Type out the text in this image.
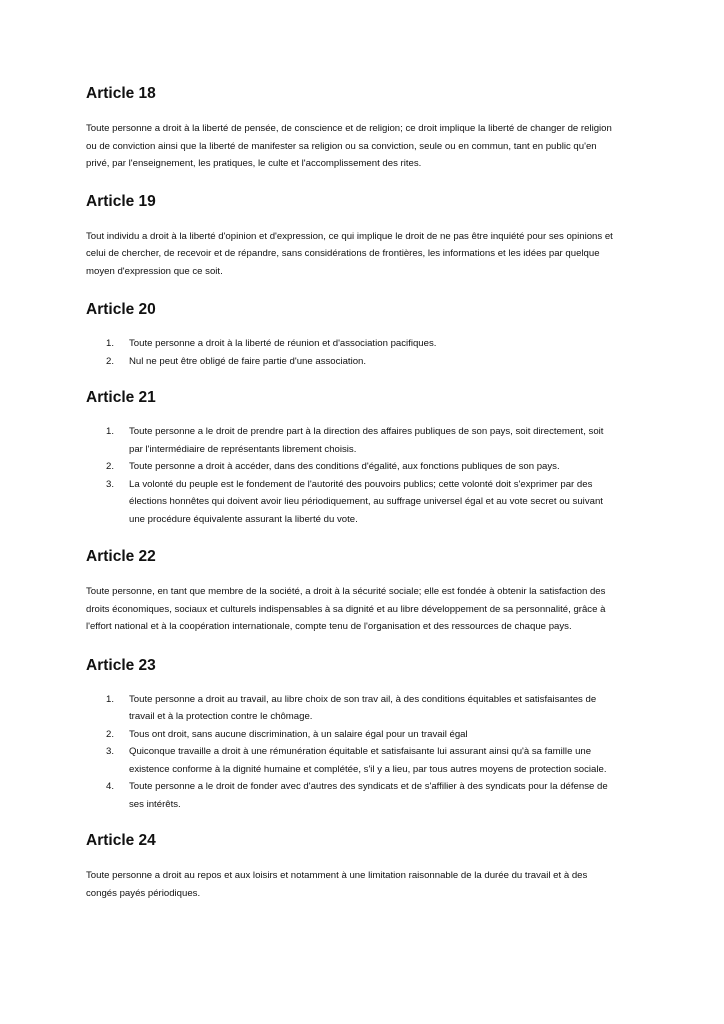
Article 18

Toute personne a droit à la liberté de pensée, de conscience et de religion; ce droit implique la liberté de changer de religion
ou de conviction ainsi que la liberté de manifester sa religion ou sa conviction, seule ou en commun, tant en public qu'en
privé, par l'enseignement, les pratiques, le culte et l'accomplissement des rites.

Article 19

Tout individu a droit à la liberté d'opinion et d'expression, ce qui implique le droit de ne pas être inquiété pour ses opinions et
celui de chercher, de recevoir et de répandre, sans considérations de frontières, les informations et les idées par quelque
moyen d'expression que ce soit.

Article 20
1. Toute personne a droit à la liberté de réunion et d'association pacifiques.
2. Nul ne peut être obligé de faire partie d'une association.
Article 21
1. Toute personne a le droit de prendre part à la direction des affaires publiques de son pays, soit directement, soit
par l'intermédiaire de représentants librement choisis.
2. Toute personne a droit à accéder, dans des conditions d'égalité, aux fonctions publiques de son pays.
3. La volonté du peuple est le fondement de l'autorité des pouvoirs publics; cette volonté doit s'exprimer par des
élections honnêtes qui doivent avoir lieu périodiquement, au suffrage universel égal et au vote secret ou suivant
une procédure équivalente assurant la liberté du vote.
Article 22

Toute personne, en tant que membre de la société, a droit à la sécurité sociale; elle est fondée à obtenir la satisfaction des
droits économiques, sociaux et culturels indispensables à sa dignité et au libre développement de sa personnalité, grâce à
l'effort national et à la coopération internationale, compte tenu de l'organisation et des ressources de chaque pays.

Article 23
1. Toute personne a droit au travail, au libre choix de son trav ail, à des conditions équitables et satisfaisantes de
travail et à la protection contre le chômage.
2. Tous ont droit, sans aucune discrimination, à un salaire égal pour un travail égal
3. Quiconque travaille a droit à une rémunération équitable et satisfaisante lui assurant ainsi qu'à sa famille une
existence conforme à la dignité humaine et complétée, s'il y a lieu, par tous autres moyens de protection sociale.
4. Toute personne a le droit de fonder avec d'autres des syndicats et de s'affilier à des syndicats pour la défense de
ses intérêts.
Article 24

Toute personne a droit au repos et aux loisirs et notamment à une limitation raisonnable de la durée du travail et à des
congés payés périodiques.
